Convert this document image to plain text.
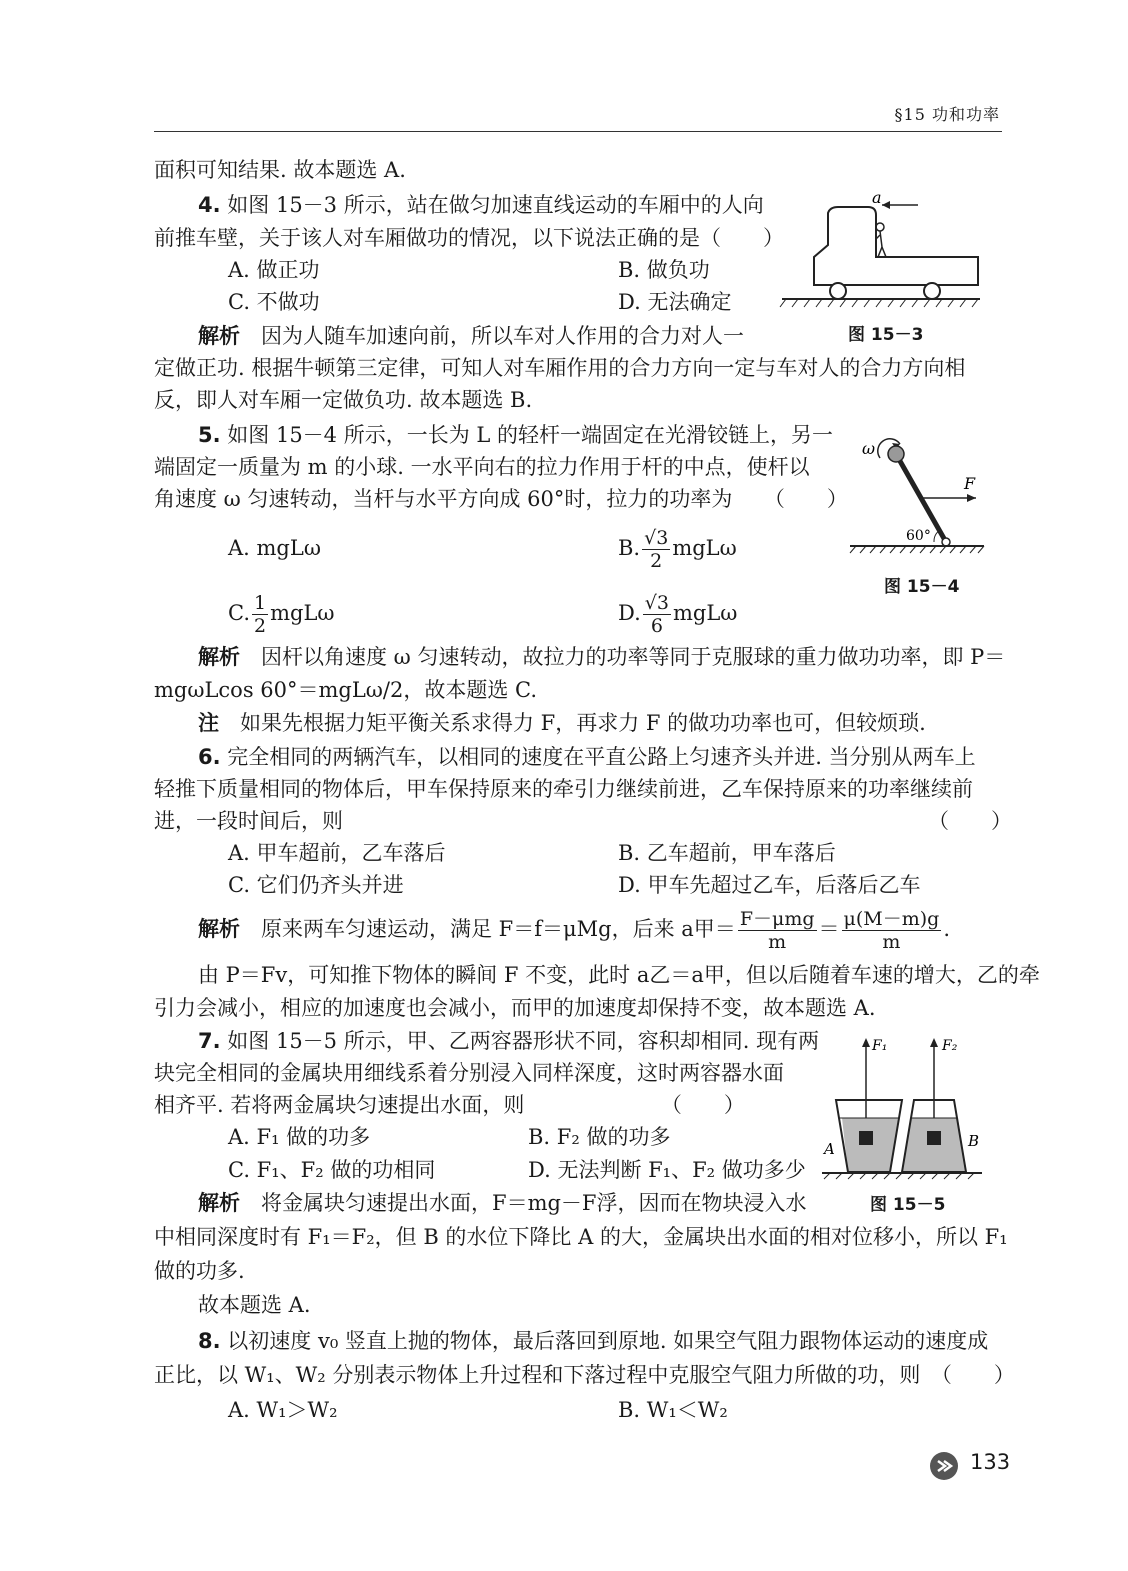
§15 功和功率
面积可知结果. 故本题选 A.
4. 如图 15－3 所示，站在做匀加速直线运动的车厢中的人向
前推车壁，关于该人对车厢做功的情况，以下说法正确的是（　　）
A. 做正功	B. 做负功
C. 不做功	D. 无法确定
解析　 因为人随车加速向前，所以车对人作用的合力对人一
定做正功. 根据牛顿第三定律，可知人对车厢作用的合力方向一定与车对人的合力方向相
反，即人对车厢一定做负功. 故本题选 B.
a
图 15－3
5. 如图 15－4 所示，一长为 L 的轻杆一端固定在光滑铰链上，另一
端固定一质量为 m 的小球. 一水平向右的拉力作用于杆的中点，使杆以
角速度 ω 匀速转动，当杆与水平方向成 60°时，拉力的功率为　　（　　）
A. mgLω	B. $\frac{√3}{2}$ mgLω
C. $\frac{1}{2}$ mgLω	D. $\frac{√3}{6}$ mgLω
ω
F
60°
图 15－4
解析　 因杆以角速度 ω 匀速转动，故拉力的功率等同于克服球的重力做功功率，即 P＝
mgωLcos 60°＝mgLω/2，故本题选 C.
注　 如果先根据力矩平衡关系求得力 F，再求力 F 的做功功率也可，但较烦琐.
6. 完全相同的两辆汽车，以相同的速度在平直公路上匀速齐头并进. 当分别从两车上
轻推下质量相同的物体后，甲车保持原来的牵引力继续前进，乙车保持原来的功率继续前
进，一段时间后，则	（　　）
A. 甲车超前，乙车落后	B. 乙车超前，甲车落后
C. 它们仍齐头并进	D. 甲车先超过乙车，后落后乙车
解析　 原来两车匀速运动，满足 F＝f＝μMg，后来 a甲＝ $\frac{\text{F－μmg}}{m} = \frac{\mu(M-m)g}{m}$ .
由 P＝Fv，可知推下物体的瞬间 F 不变，此时 a乙＝a甲，但以后随着车速的增大，乙的牵
引力会减小，相应的加速度也会减小，而甲的加速度却保持不变，故本题选 A.
7. 如图 15－5 所示，甲、乙两容器形状不同，容积却相同. 现有两
块完全相同的金属块用细线系着分别浸入同样深度，这时两容器水面
相齐平. 若将两金属块匀速提出水面，则　　　　　　　（　　）
A. F₁ 做的功多	B. F₂ 做的功多
C. F₁、F₂ 做的功相同	D. 无法判断 F₁、F₂ 做功多少
解析　 将金属块匀速提出水面，F＝mg－F浮，因而在物块浸入水
中相同深度时有 F₁＝F₂，但 B 的水位下降比 A 的大，金属块出水面的相对位移小，所以 F₁
做的功多.
故本题选 A.
F₁	F₂
A	B
图 15－5
8. 以初速度 v₀ 竖直上抛的物体，最后落回到原地. 如果空气阻力跟物体运动的速度成
正比，以 W₁、W₂ 分别表示物体上升过程和下落过程中克服空气阻力所做的功，则　（　　）
A. W₁＞W₂	B. W₁＜W₂
133
